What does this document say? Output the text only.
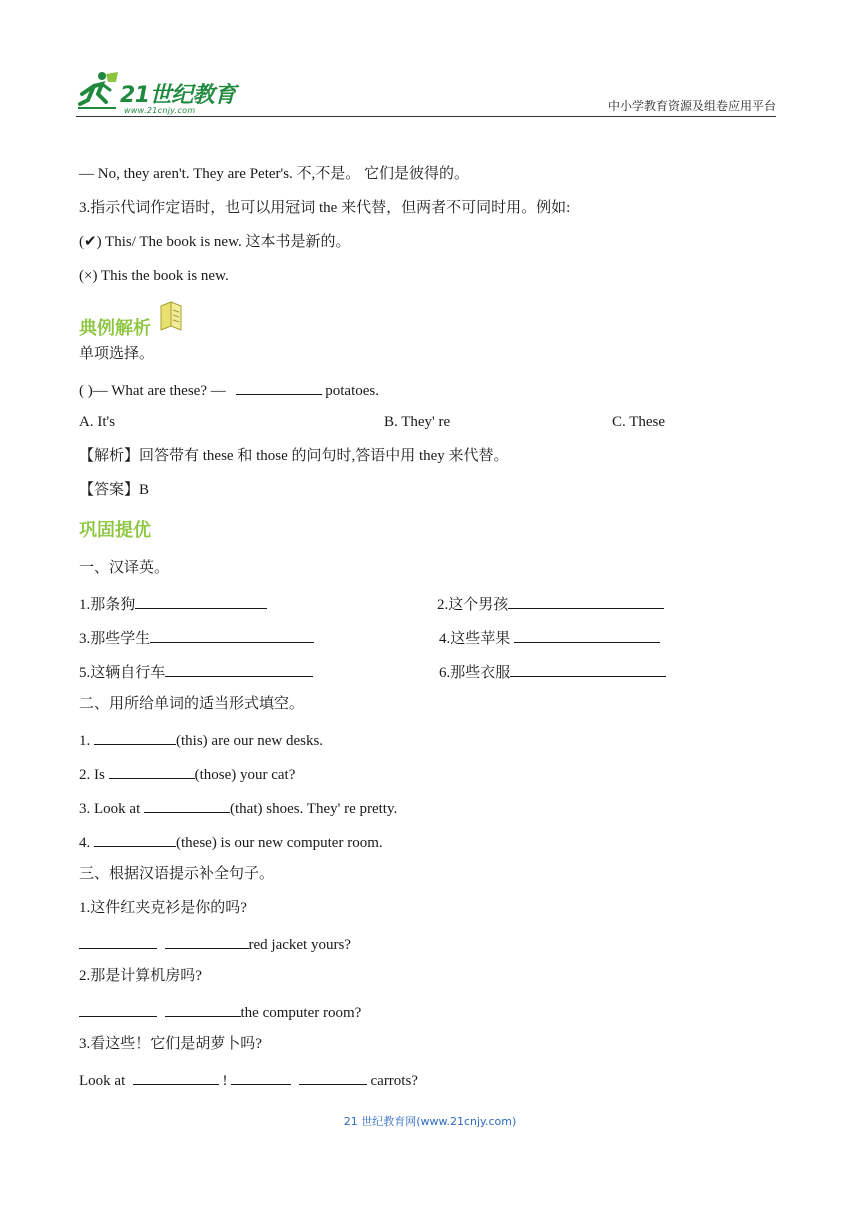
21世纪教育
www.21cnjy.com	中小学教育资源及组卷应用平台
— No, they aren't. They are Peter's. 不,不是。 它们是彼得的。
3.指示代词作定语时，也可以用冠词 the 来代替，但两者不可同时用。例如:
(✔) This/ The book is new. 这本书是新的。
(×) This the book is new.
典例解析
单项选择。
( )— What are these? —	potatoes.
A. It's	B. They' re	C. These
【解析】回答带有 these 和 those 的问句时,答语中用 they 来代替。
【答案】B
巩固提优
一、汉译英。
1.那条狗	2.这个男孩
3.那些学生	4.这些苹果
5.这辆自行车	6.那些衣服
二、用所给单词的适当形式填空。
1.	(this) are our new desks.
2. Is	(those) your cat?
3. Look at	(that) shoes. They' re pretty.
4.	(these) is our new computer room.
三、根据汉语提示补全句子。
1.这件红夹克衫是你的吗?
red jacket yours?
2.那是计算机房吗?
the computer room?
3.看这些！它们是胡萝卜吗?
Look at	!	carrots?
21 世纪教育网(www.21cnjy.com)
